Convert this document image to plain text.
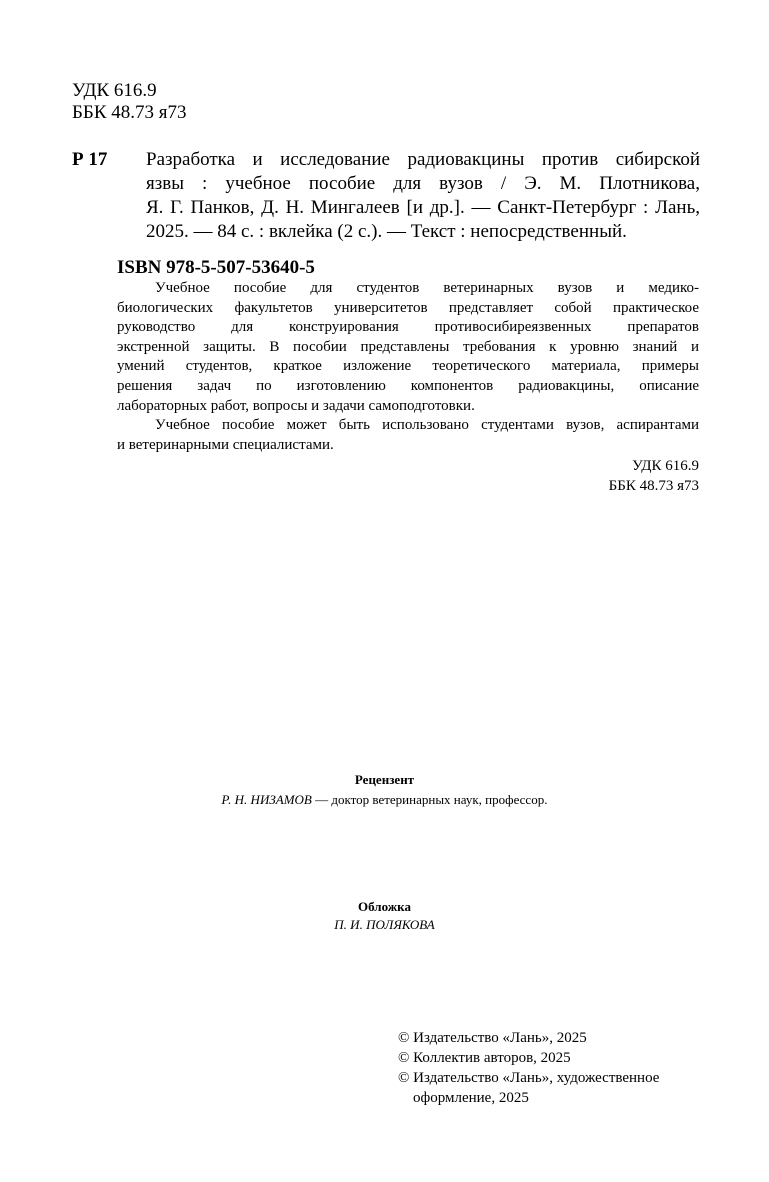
УДК 616.9
ББК 48.73 я73
Р 17 Разработка и исследование радиовакцины против сибирской
язвы : учебное пособие для вузов / Э. М. Плотникова,
Я. Г. Панков, Д. Н. Мингалеев [и др.]. — Санкт-Петербург : Лань,
2025. — 84 с. : вклейка (2 с.). — Текст : непосредственный.
ISBN 978-5-507-53640-5
Учебное пособие для студентов ветеринарных вузов и медико-
биологических факультетов университетов представляет собой практическое
руководство для конструирования противосибиреязвенных препаратов
экстренной защиты. В пособии представлены требования к уровню знаний и
умений студентов, краткое изложение теоретического материала, примеры
решения задач по изготовлению компонентов радиовакцины, описание
лабораторных работ, вопросы и задачи самоподготовки.
Учебное пособие может быть использовано студентами вузов, аспирантами
и ветеринарными специалистами.
УДК 616.9
ББК 48.73 я73
Рецензент
Р. Н. НИЗАМОВ — доктор ветеринарных наук, профессор.
Обложка
П. И. ПОЛЯКОВА
© Издательство «Лань», 2025
© Коллектив авторов, 2025
© Издательство «Лань», художественное
оформление, 2025
